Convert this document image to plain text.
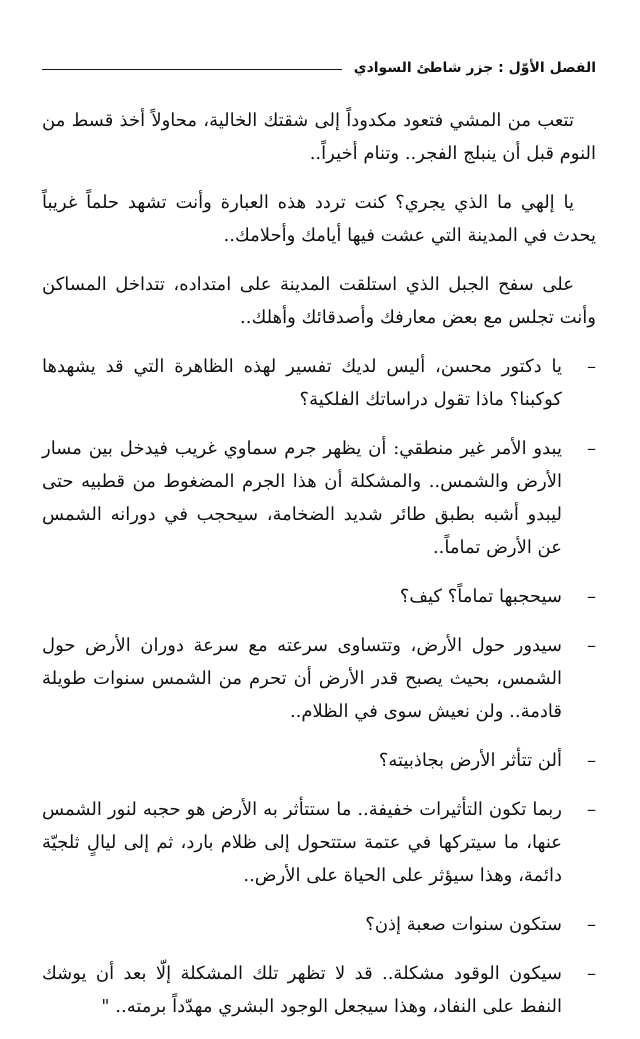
الفصل الأوّل : جزر شاطئ السوادي

تتعب من المشي فتعود مكدوداً إلى شقتك الخالية، محاولاً أخذ قسط من النوم قبل أن ينبلج الفجر.. وتنام أخيراً..

يا إلهي ما الذي يجري؟ كنت تردد هذه العبارة وأنت تشهد حلماً غريباً يحدث في المدينة التي عشت فيها أيامك وأحلامك..

على سفح الجبل الذي استلقت المدينة على امتداده، تتداخل المساكن وأنت تجلس مع بعض معارفك وأصدقائك وأهلك..

–
يا دكتور محسن، أليس لديك تفسير لهذه الظاهرة التي قد يشهدها كوكبنا؟ ماذا تقول دراساتك الفلكية؟
–
يبدو الأمر غير منطقي: أن يظهر جرم سماوي غريب فيدخل بين مسار الأرض والشمس.. والمشكلة أن هذا الجرم المضغوط من قطبيه حتى ليبدو أشبه بطبق طائر شديد الضخامة، سيحجب في دورانه الشمس عن الأرض تماماً..
–
سيحجبها تماماً؟ كيف؟
–
سيدور حول الأرض، وتتساوى سرعته مع سرعة دوران الأرض حول الشمس، بحيث يصبح قدر الأرض أن تحرم من الشمس سنوات طويلة قادمة.. ولن نعيش سوى في الظلام..
–
ألن تتأثر الأرض بجاذبيته؟
–
ربما تكون التأثيرات خفيفة.. ما ستتأثر به الأرض هو حجبه لنور الشمس عنها، ما سيتركها في عتمة ستتحول إلى ظلام بارد، ثم إلى ليالٍ ثلجيّة دائمة، وهذا سيؤثر على الحياة على الأرض..
–
ستكون سنوات صعبة إذن؟
–
سيكون الوقود مشكلة.. قد لا تظهر تلك المشكلة إلّا بعد أن يوشك النفط على النفاد، وهذا سيجعل الوجود البشري مهدّداً برمته.. "
